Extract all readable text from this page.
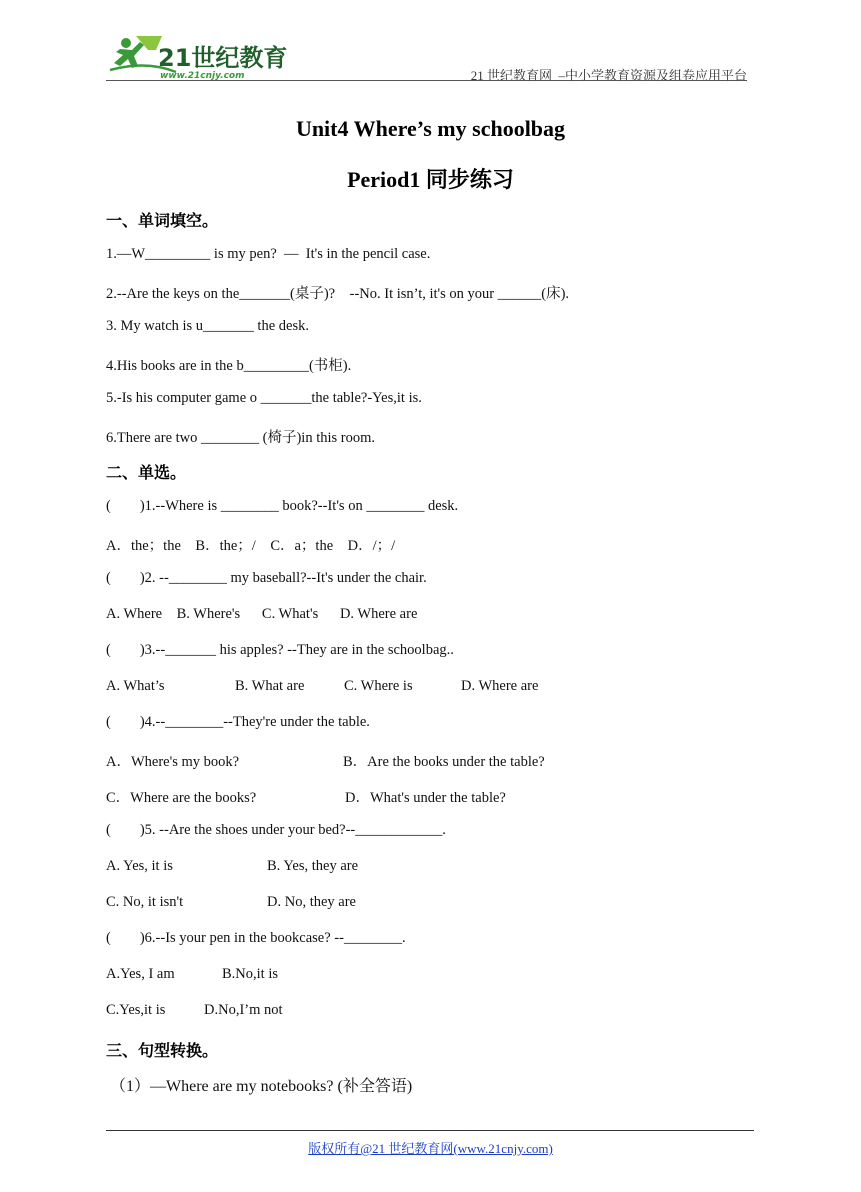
21世纪教育
www.21cnjy.com	21 世纪教育网  –中小学教育资源及组卷应用平台
Unit4 Where’s my schoolbag
Period1 同步练习
一、单词填空。
1.—W_________ is my pen?  —  It's in the pencil case.
2.--Are the keys on the_______(桌子)?    --No. It isn’t, it's on your ______(床).
3. My watch is u_______ the desk.
4.His books are in the b_________(书柜).
5.-Is his computer game o _______the table?-Yes,it is.
6.There are two ________ (椅子)in this room.
二、单选。
(        )1.--Where is ________ book?--It's on ________ desk.
A．the；the    B．the；/    C．a；the    D．/；/
(        )2. --________ my baseball?--It's under the chair.
A. Where    B. Where's      C. What's      D. Where are
(        )3.--_______ his apples? --They are in the schoolbag..
A. What’s	B. What are	C. Where is	D. Where are
(        )4.--________--They're under the table.
A．Where's my book?	B．Are the books under the table?
C．Where are the books?	D．What's under the table?
(        )5. --Are the shoes under your bed?--____________.
A. Yes, it is	B. Yes, they are
C. No, it isn't	D. No, they are
(        )6.--Is your pen in the bookcase? --________.
A.Yes, I am	B.No,it is
C.Yes,it is	D.No,I’m not
三、句型转换。
（1）—Where are my notebooks? (补全答语)
版权所有@21 世纪教育网(www.21cnjy.com)
